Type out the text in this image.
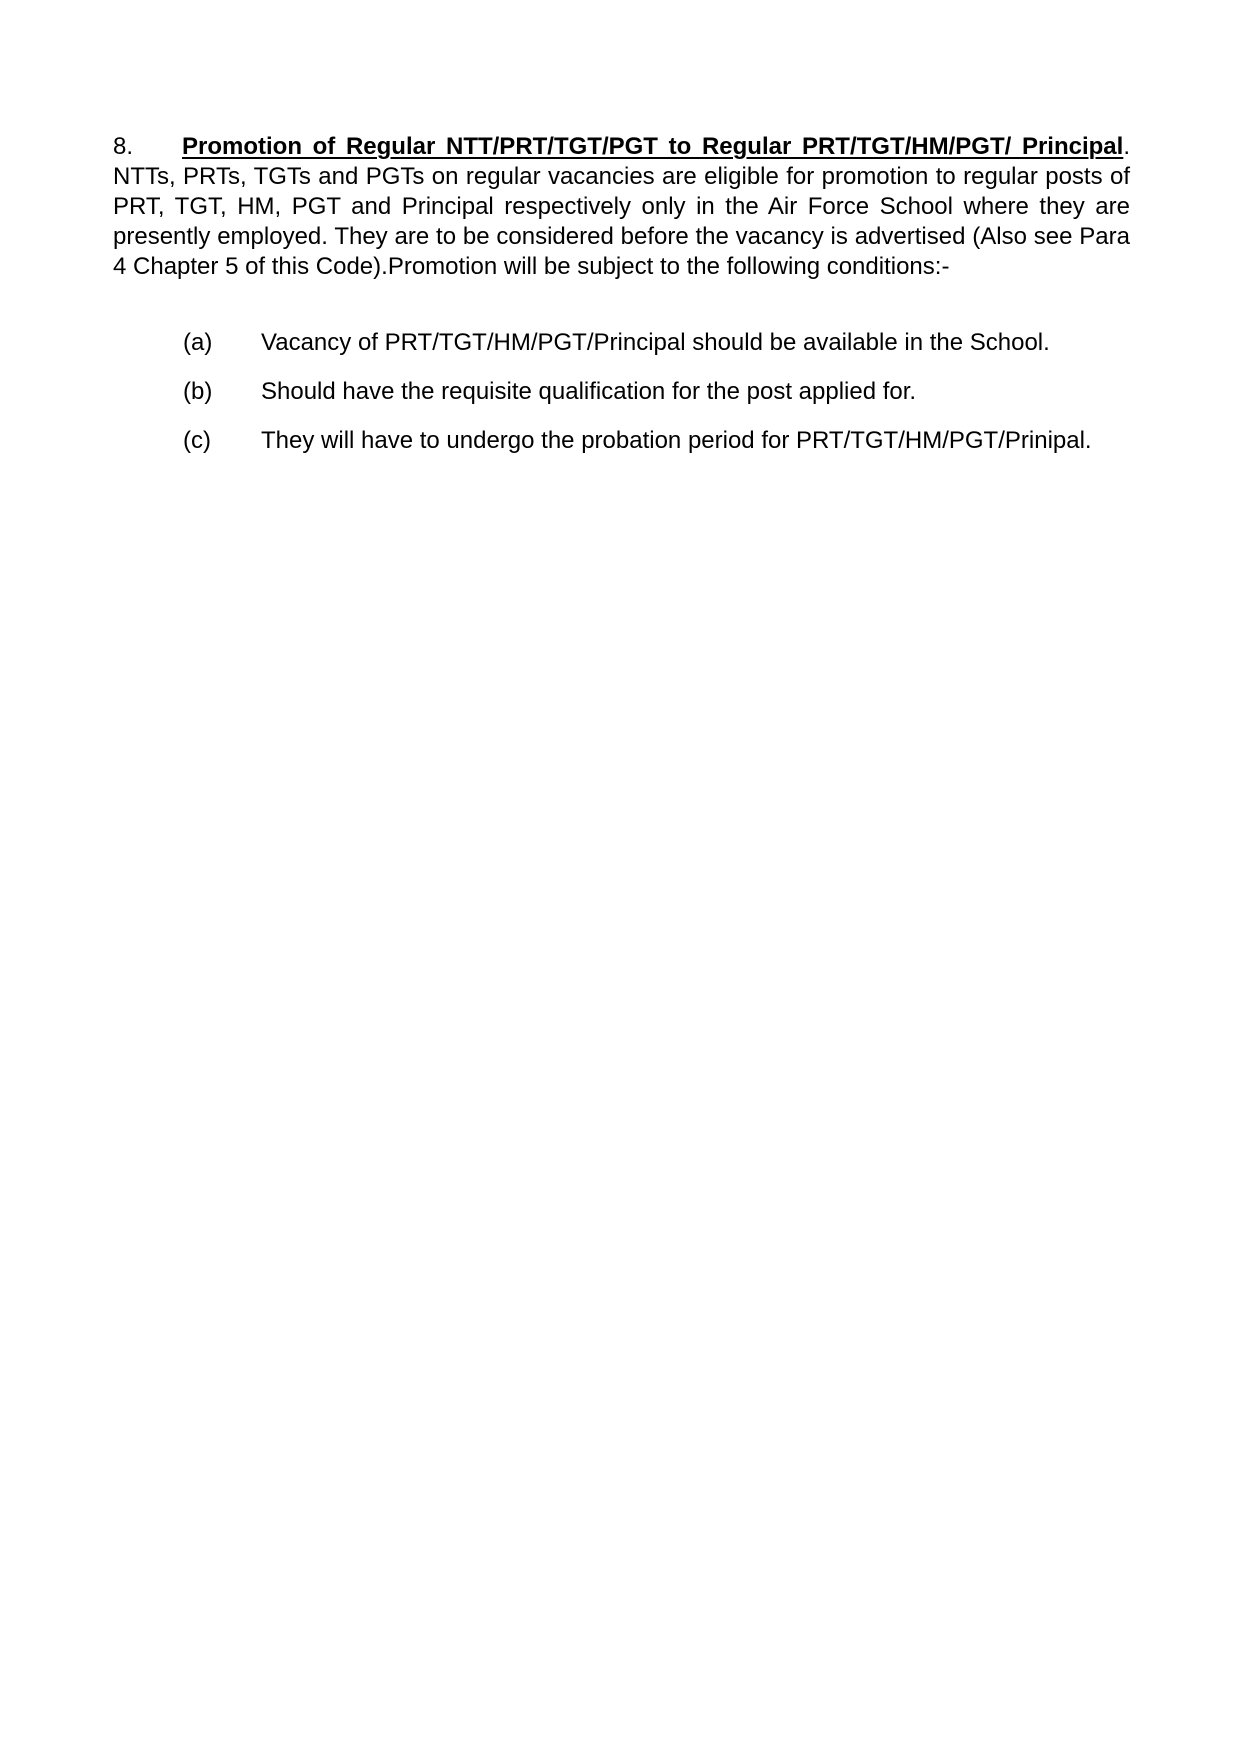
8. Promotion of Regular NTT/PRT/TGT/PGT to Regular PRT/TGT/HM/PGT/ Principal. NTTs, PRTs, TGTs and PGTs on regular vacancies are eligible for promotion to regular posts of PRT, TGT, HM, PGT and Principal respectively only in the Air Force School where they are presently employed. They are to be considered before the vacancy is advertised (Also see Para 4 Chapter 5 of this Code).Promotion will be subject to the following conditions:-

(a)	Vacancy of PRT/TGT/HM/PGT/Principal should be available in the School.
(b)	Should have the requisite qualification for the post applied for.
(c)	They will have to undergo the probation period for PRT/TGT/HM/PGT/Prinipal.
